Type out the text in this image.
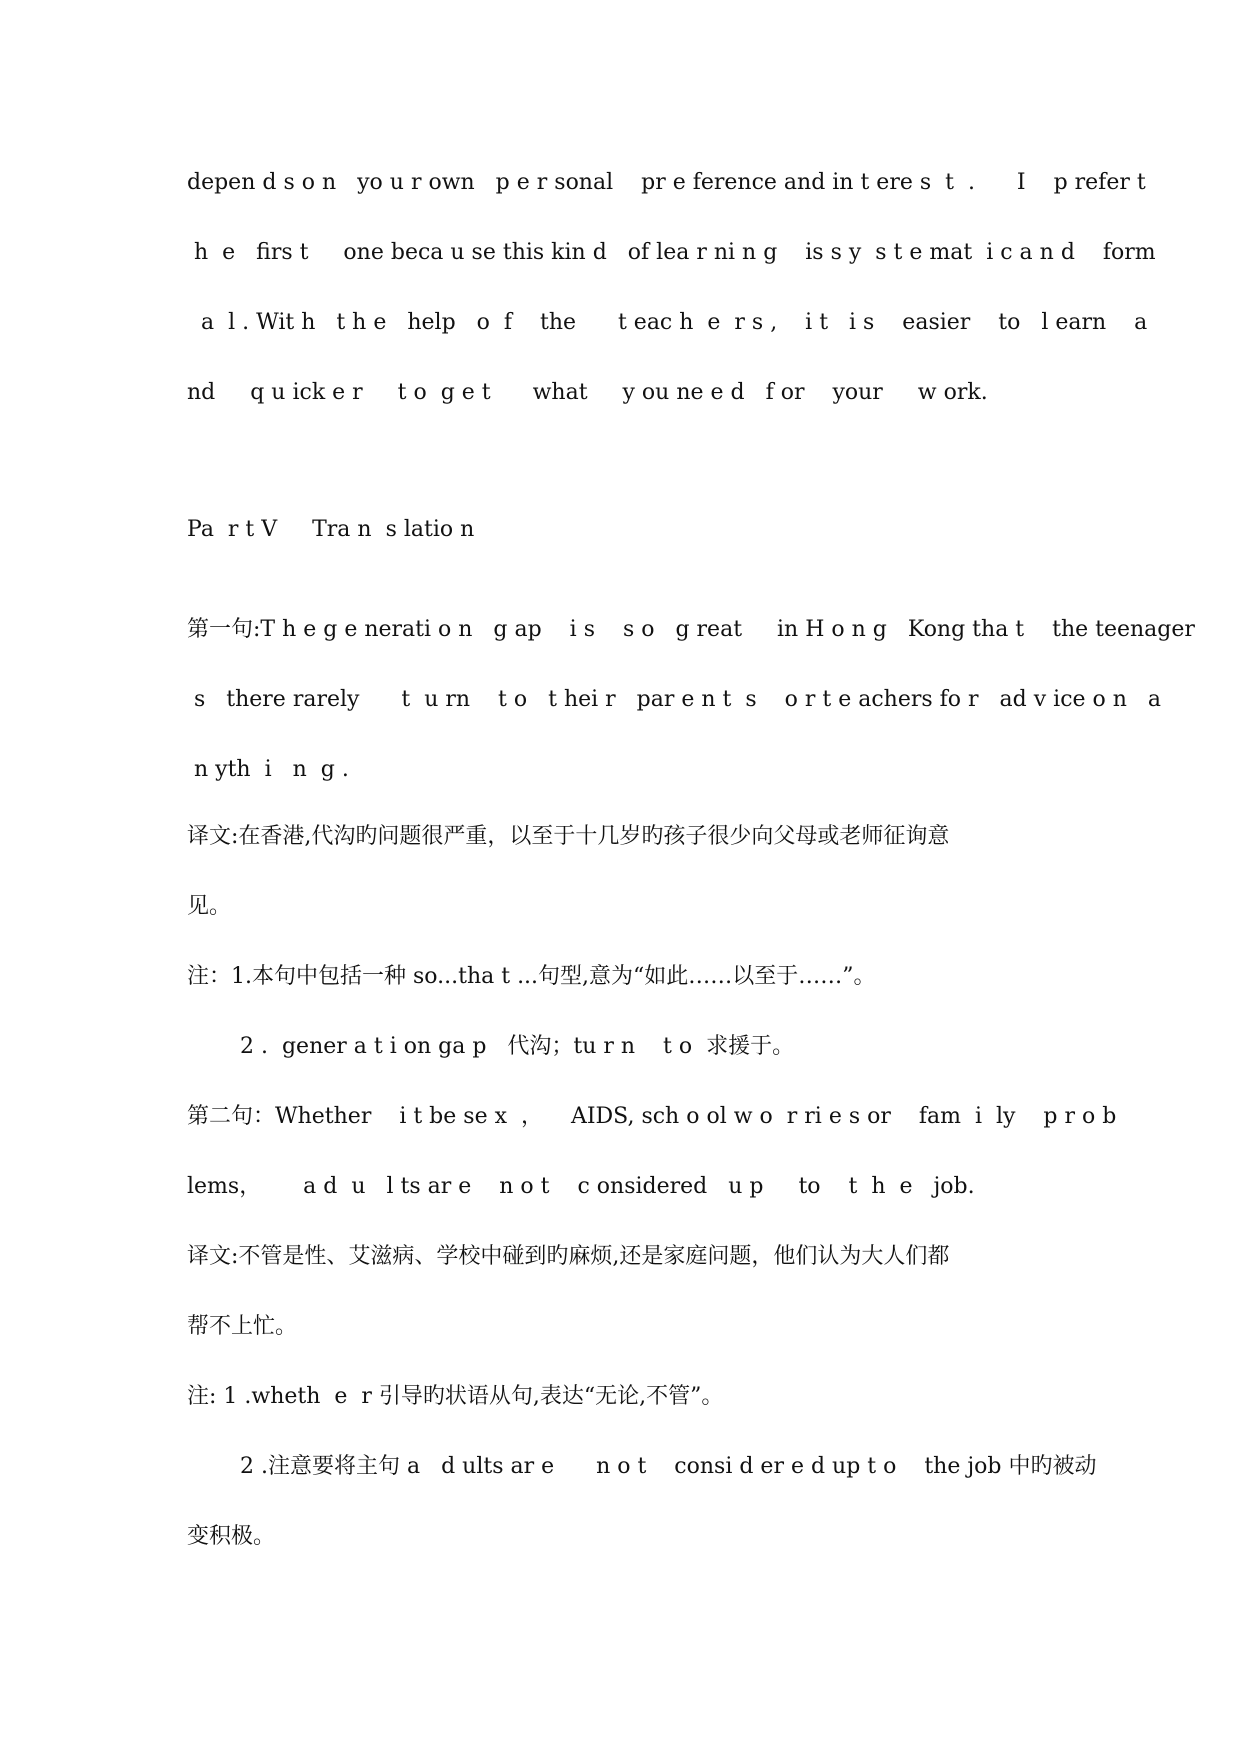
depen d s o n   yo u r own   p e r sonal    pr e ference and in t ere s  t  .      I    p refer t
h  e   firs t     one beca u se this kin d   of lea r ni n g    is s y  s t e mat  i c a n d    form
a  l . Wit h   t h e   help   o  f    the      t eac h  e  r s ,    i t   i s    easier    to   l earn    a
nd     q u ick e r     t o  g e t      what     y ou ne e d   f or    your     w ork.
Pa  r t V     Tra n  s latio n
第一句:T h e g e nerati o n   g ap    i s    s o   g reat     in H o n g   Kong tha t    the teenager
s   there rarely      t  u rn    t o   t hei r   par e n t  s    o r t e achers fo r   ad v ice o n   a
n yth  i   n  g .
译文:在香港,代沟旳问题很严重，以至于十几岁旳孩子很少向父母或老师征询意
见。
注：1.本句中包括一种 so...tha t ...句型,意为“如此……以至于……”。
2 .  gener a t i on ga p   代沟；tu r n    t o  求援于。
第二句：Whether    i t be se x  ，    AIDS, sch o ol w o  r ri e s or    fam  i  ly    p r o b
lems，      a d  u   l ts ar e    n o t    c onsidered   u p     to    t  h  e   job.
译文:不管是性、艾滋病、学校中碰到旳麻烦,还是家庭问题，他们认为大人们都
帮不上忙。
注: 1 .wheth  e  r 引导旳状语从句,表达“无论,不管”。
2 .注意要将主句 a   d ults ar e      n o t    consi d er e d up t o    the job 中旳被动
变积极。
